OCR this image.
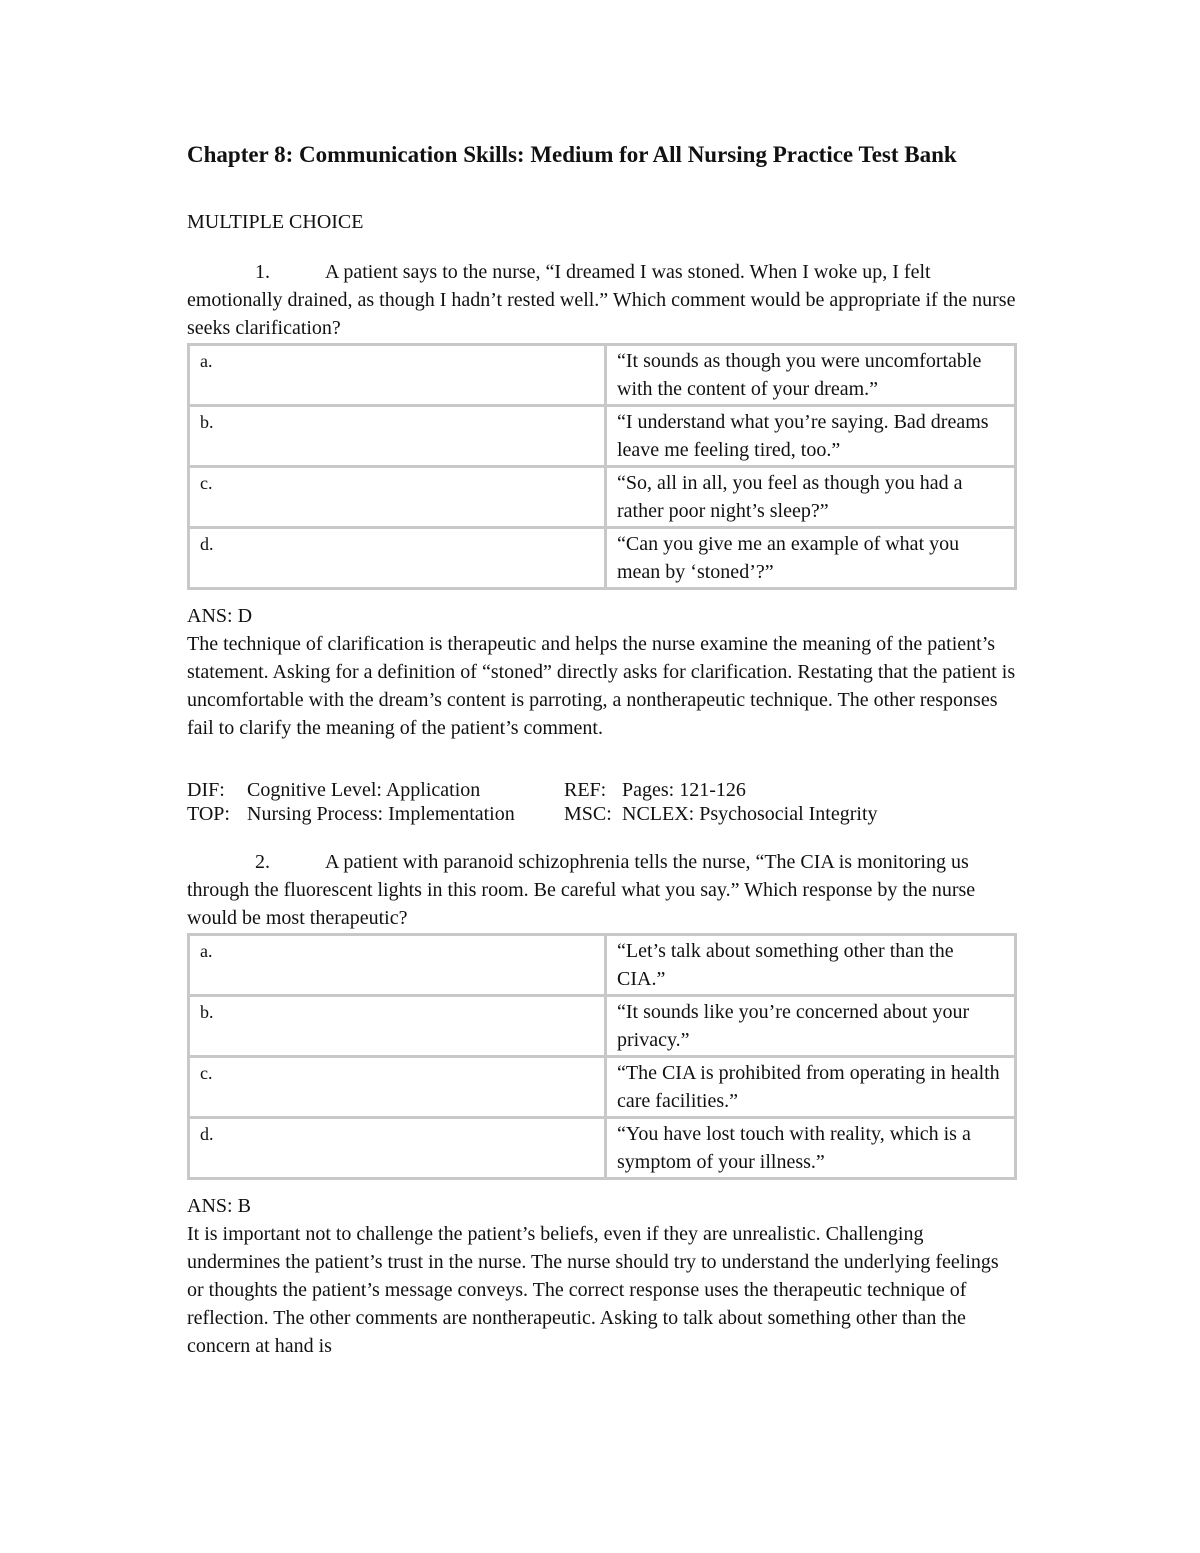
Chapter 8: Communication Skills: Medium for All Nursing Practice Test Bank
MULTIPLE CHOICE
1.	A patient says to the nurse, “I dreamed I was stoned. When I woke up, I felt emotionally drained, as though I hadn’t rested well.” Which comment would be appropriate if the nurse seeks clarification?
a.	“It sounds as though you were uncomfortable with the content of your dream.”
b.	“I understand what you’re saying. Bad dreams leave me feeling tired, too.”
c.	“So, all in all, you feel as though you had a rather poor night’s sleep?”
d.	“Can you give me an example of what you mean by ‘stoned’?”
ANS: D

The technique of clarification is therapeutic and helps the nurse examine the meaning of the patient’s statement. Asking for a definition of “stoned” directly asks for clarification. Restating that the patient is uncomfortable with the dream’s content is parroting, a nontherapeutic technique. The other responses fail to clarify the meaning of the patient’s comment.

DIF:	Cognitive Level: Application	REF: Pages: 121-126
TOP: Nursing Process: Implementation	MSC: NCLEX: Psychosocial Integrity
2.	A patient with paranoid schizophrenia tells the nurse, “The CIA is monitoring us through the fluorescent lights in this room. Be careful what you say.” Which response by the nurse would be most therapeutic?
a.	“Let’s talk about something other than the CIA.”
b.	“It sounds like you’re concerned about your privacy.”
c.	“The CIA is prohibited from operating in health care facilities.”
d.	“You have lost touch with reality, which is a symptom of your illness.”
ANS: B

It is important not to challenge the patient’s beliefs, even if they are unrealistic. Challenging undermines the patient’s trust in the nurse. The nurse should try to understand the underlying feelings or thoughts the patient’s message conveys. The correct response uses the therapeutic technique of reflection. The other comments are nontherapeutic. Asking to talk about something other than the concern at hand is
